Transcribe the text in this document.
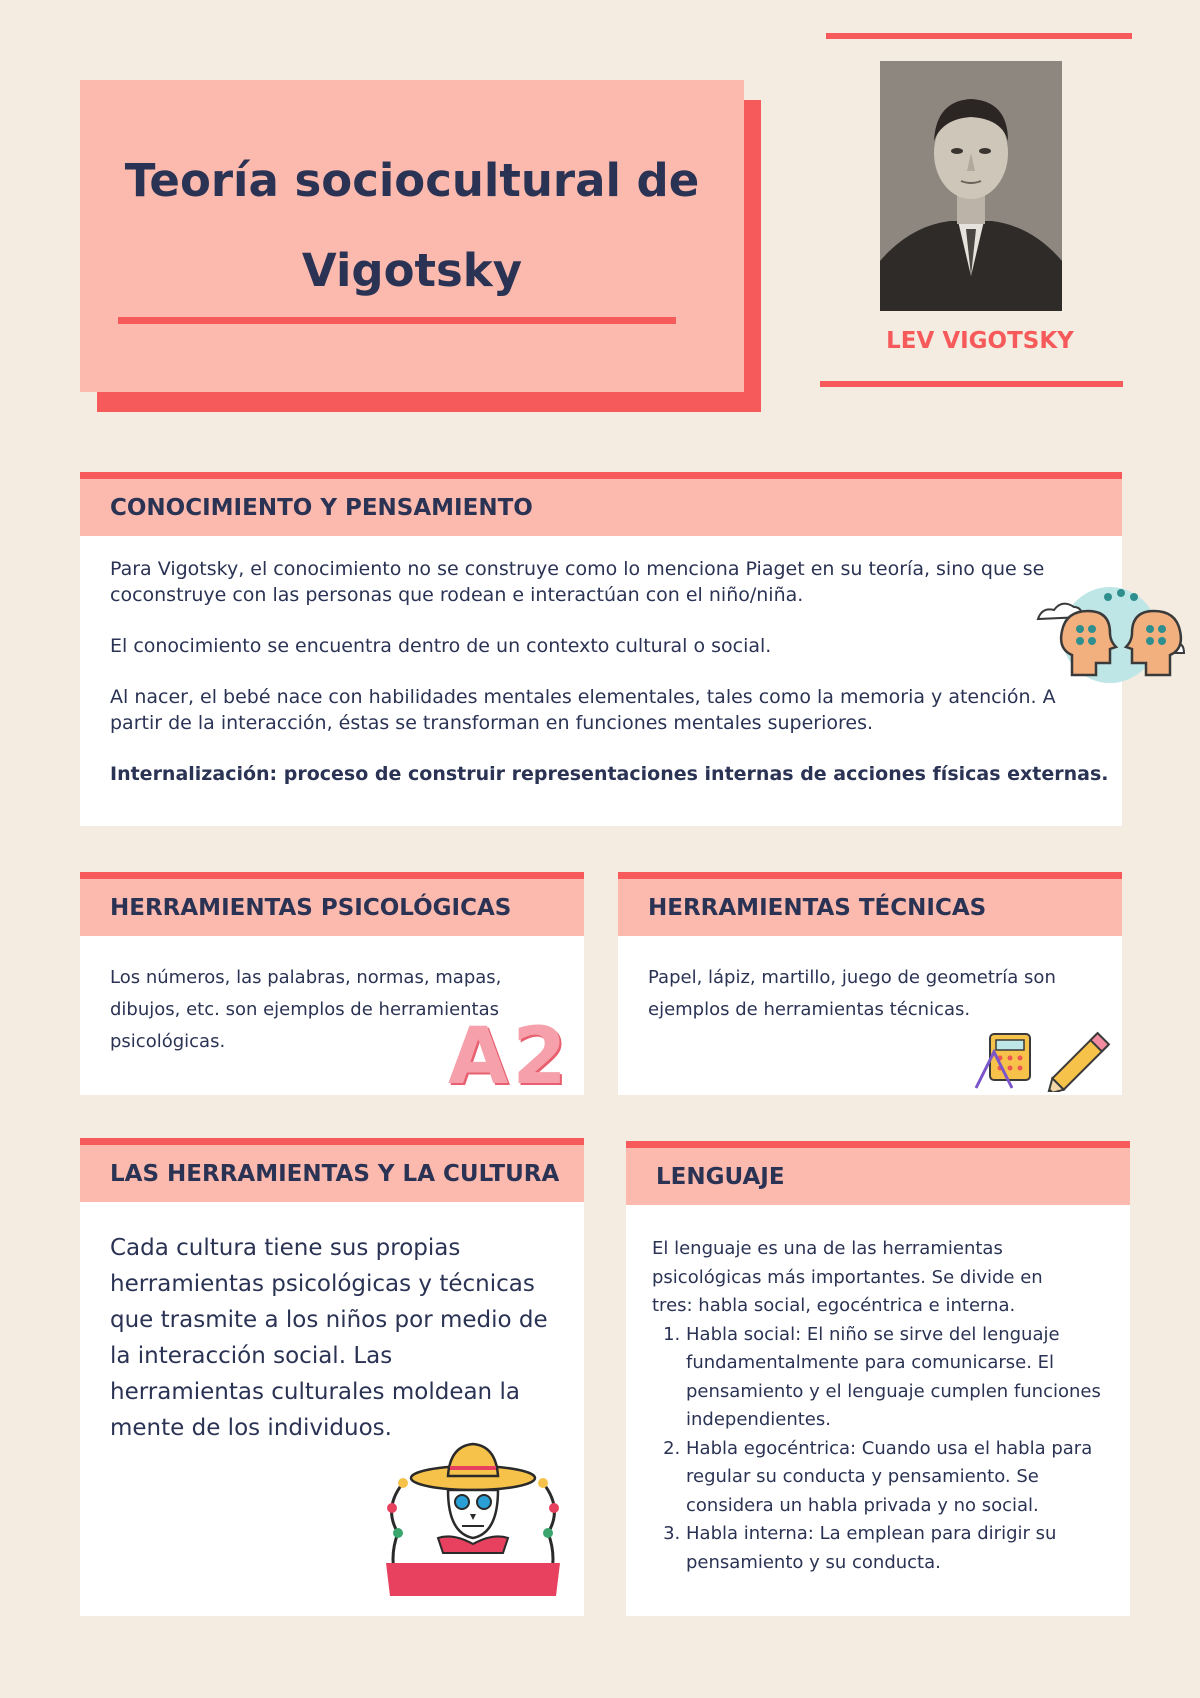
Teoría sociocultural de
Vigotsky
LEV VIGOTSKY
CONOCIMIENTO Y PENSAMIENTO

Para Vigotsky, el conocimiento no se construye como lo menciona Piaget en su teoría, sino que se coconstruye con las personas que rodean e interactúan con el niño/niña.

El conocimiento se encuentra dentro de un contexto cultural o social.

Al nacer, el bebé nace con habilidades mentales elementales, tales como la memoria y atención. A partir de la interacción, éstas se transforman en funciones mentales superiores.

Internalización: proceso de construir representaciones internas de acciones físicas externas.

HERRAMIENTAS PSICOLÓGICAS
Los números, las palabras, normas, mapas, dibujos, etc. son ejemplos de herramientas psicológicas.	A2
HERRAMIENTAS TÉCNICAS
Papel, lápiz, martillo, juego de geometría son ejemplos de herramientas técnicas.
LAS HERRAMIENTAS Y LA CULTURA
Cada cultura tiene sus propias herramientas psicológicas y técnicas que trasmite a los niños por medio de la interacción social. Las herramientas culturales moldean la mente de los individuos.
LENGUAJE
El lenguaje es una de las herramientas psicológicas más importantes. Se divide en tres: habla social, egocéntrica e interna.
1. Habla social: El niño se sirve del lenguaje fundamentalmente para comunicarse. El pensamiento y el lenguaje cumplen funciones independientes.
2. Habla egocéntrica: Cuando usa el habla para regular su conducta y pensamiento. Se considera un habla privada y no social.
3. Habla interna: La emplean para dirigir su pensamiento y su conducta.
